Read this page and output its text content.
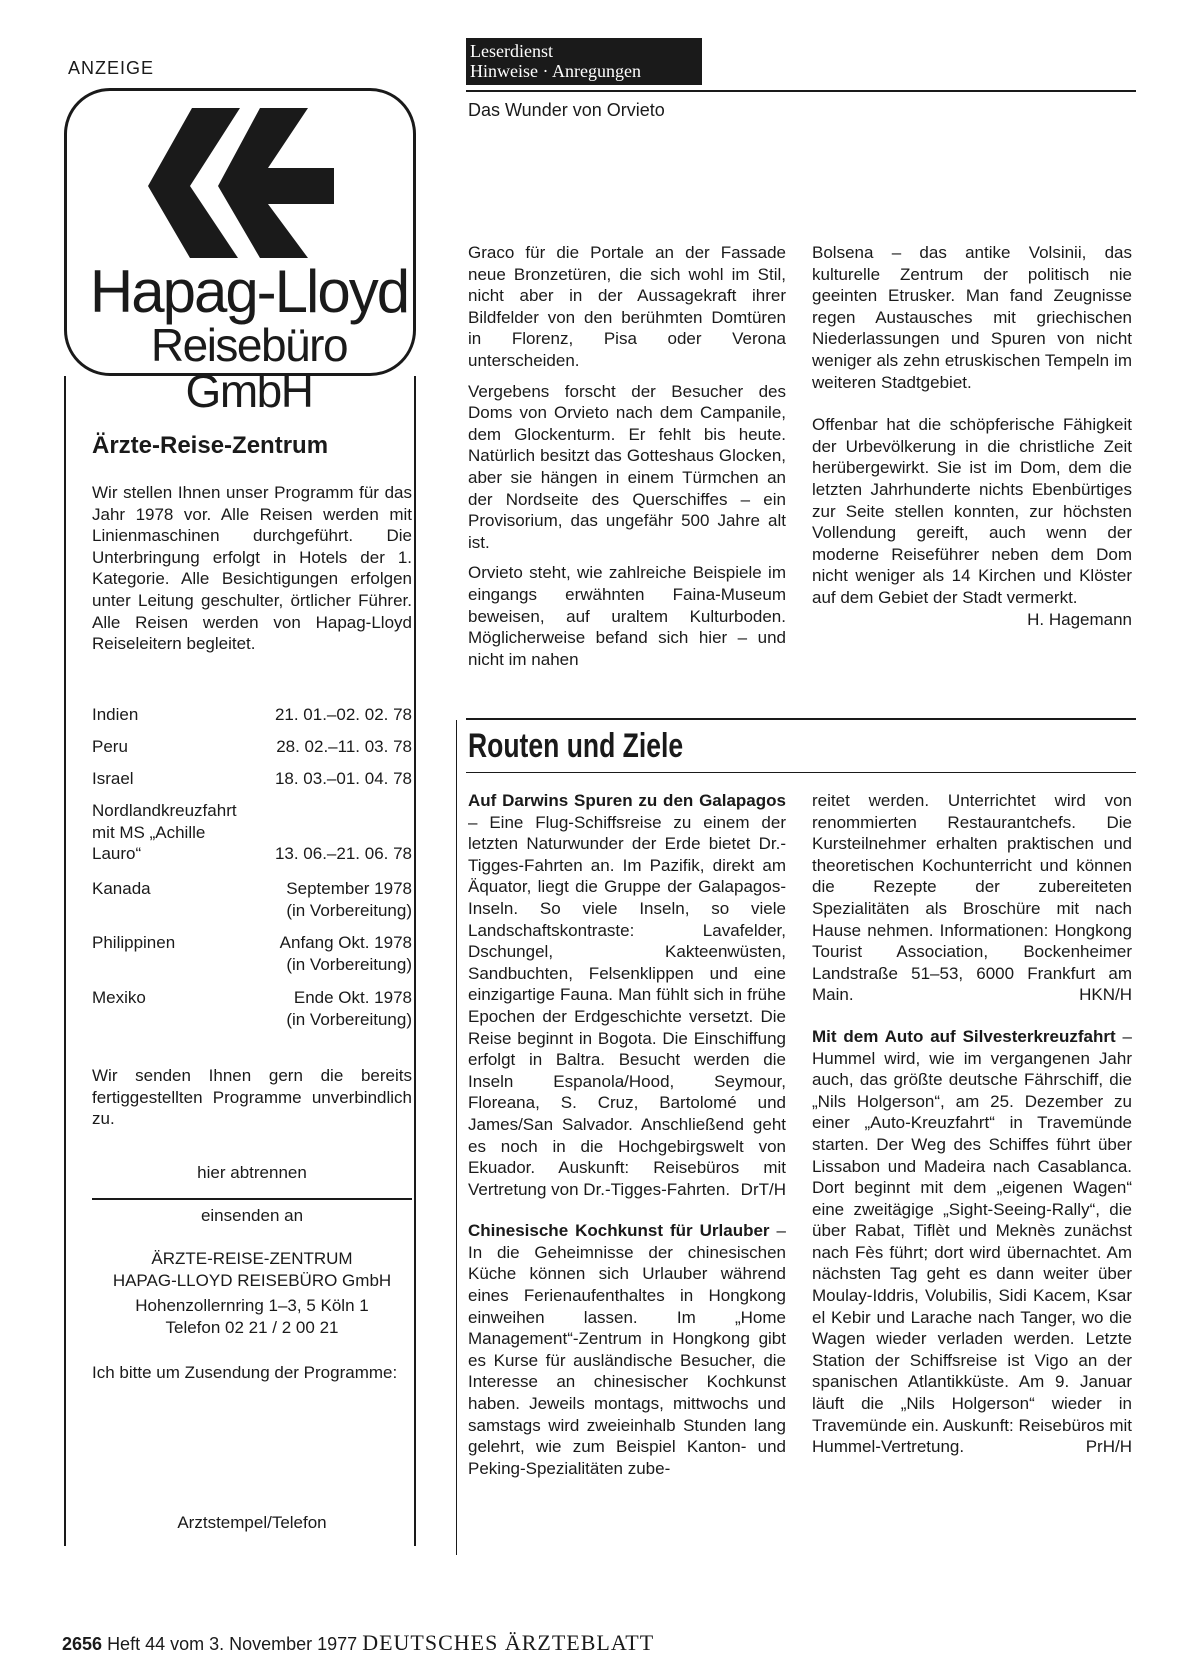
ANZEIGE
Hapag-Lloyd
Reisebüro GmbH
Ärzte-Reise-Zentrum
Wir stellen Ihnen unser Programm für das Jahr 1978 vor. Alle Reisen werden mit Linienmaschinen durchgeführt. Die Unterbringung erfolgt in Hotels der 1. Kategorie. Alle Besichtigungen erfolgen unter Leitung geschulter, örtlicher Führer. Alle Reisen werden von Hapag-Lloyd Reiseleitern begleitet.
Indien	21. 01.–02. 02. 78
Peru	28. 02.–11. 03. 78
Israel	18. 03.–01. 04. 78
Nordlandkreuzfahrt
mit MS „Achille
Lauro“	13. 06.–21. 06. 78
Kanada	September 1978
(in Vorbereitung)
Philippinen	Anfang Okt. 1978
(in Vorbereitung)
Mexiko	Ende Okt. 1978
(in Vorbereitung)
Wir senden Ihnen gern die bereits fertiggestellten Programme unverbindlich zu.
hier abtrennen
einsenden an
ÄRZTE-REISE-ZENTRUM
HAPAG-LLOYD REISEBÜRO GmbH
Hohenzollernring 1–3, 5 Köln 1
Telefon 02 21 / 2 00 21
Ich bitte um Zusendung der Programme:
Arztstempel/Telefon
Leserdienst
Hinweise · Anregungen
Das Wunder von Orvieto

Graco für die Portale an der Fassade neue Bronzetüren, die sich wohl im Stil, nicht aber in der Aussagekraft ihrer Bildfelder von den berühmten Domtüren in Florenz, Pisa oder Verona unterscheiden.

Vergebens forscht der Besucher des Doms von Orvieto nach dem Campanile, dem Glockenturm. Er fehlt bis heute. Natürlich besitzt das Gotteshaus Glocken, aber sie hängen in einem Türmchen an der Nordseite des Querschiffes – ein Provisorium, das ungefähr 500 Jahre alt ist.

Orvieto steht, wie zahlreiche Beispiele im eingangs erwähnten Faina-Museum beweisen, auf uraltem Kulturboden. Möglicherweise befand sich hier – und nicht im nahen

Bolsena – das antike Volsinii, das kulturelle Zentrum der politisch nie geeinten Etrusker. Man fand Zeugnisse regen Austausches mit griechischen Niederlassungen und Spuren von nicht weniger als zehn etruskischen Tempeln im weiteren Stadtgebiet.

Offenbar hat die schöpferische Fähigkeit der Urbevölkerung in die christliche Zeit herübergewirkt. Sie ist im Dom, dem die letzten Jahrhunderte nichts Ebenbürtiges zur Seite stellen konnten, zur höchsten Vollendung gereift, auch wenn der moderne Reiseführer neben dem Dom nicht weniger als 14 Kirchen und Klöster auf dem Gebiet der Stadt vermerkt.
H. Hagemann

Routen und Ziele

Auf Darwins Spuren zu den Galapagos – Eine Flug-Schiffsreise zu einem der letzten Naturwunder der Erde bietet Dr.-Tigges-Fahrten an. Im Pazifik, direkt am Äquator, liegt die Gruppe der Galapagos-Inseln. So viele Inseln, so viele Landschaftskontraste: Lavafelder, Dschungel, Kakteenwüsten, Sandbuchten, Felsenklippen und eine einzigartige Fauna. Man fühlt sich in frühe Epochen der Erdgeschichte versetzt. Die Reise beginnt in Bogota. Die Einschiffung erfolgt in Baltra. Besucht werden die Inseln Espanola/Hood, Seymour, Floreana, S. Cruz, Bartolomé und James/San Salvador. Anschließend geht es noch in die Hochgebirgswelt von Ekuador. Auskunft: Reisebüros mit Vertretung von Dr.-Tigges-Fahrten. DrT/H

Chinesische Kochkunst für Urlauber – In die Geheimnisse der chinesischen Küche können sich Urlauber während eines Ferienaufenthaltes in Hongkong einweihen lassen. Im „Home Management“-Zentrum in Hongkong gibt es Kurse für ausländische Besucher, die Interesse an chinesischer Kochkunst haben. Jeweils montags, mittwochs und samstags wird zweieinhalb Stunden lang gelehrt, wie zum Beispiel Kanton- und Peking-Spezialitäten zube-

reitet werden. Unterrichtet wird von renommierten Restaurantchefs. Die Kursteilnehmer erhalten praktischen und theoretischen Kochunterricht und können die Rezepte der zubereiteten Spezialitäten als Broschüre mit nach Hause nehmen. Informationen: Hongkong Tourist Association, Bockenheimer Landstraße 51–53, 6000 Frankfurt am Main.	HKN/H

Mit dem Auto auf Silvesterkreuzfahrt – Hummel wird, wie im vergangenen Jahr auch, das größte deutsche Fährschiff, die „Nils Holgerson“, am 25. Dezember zu einer „Auto-Kreuzfahrt“ in Travemünde starten. Der Weg des Schiffes führt über Lissabon und Madeira nach Casablanca. Dort beginnt mit dem „eigenen Wagen“ eine zweitägige „Sight-Seeing-Rally“, die über Rabat, Tiflèt und Meknès zunächst nach Fès führt; dort wird übernachtet. Am nächsten Tag geht es dann weiter über Moulay-Iddris, Volubilis, Sidi Kacem, Ksar el Kebir und Larache nach Tanger, wo die Wagen wieder verladen werden. Letzte Station der Schiffsreise ist Vigo an der spanischen Atlantikküste. Am 9. Januar läuft die „Nils Holgerson“ wieder in Travemünde ein. Auskunft: Reisebüros mit Hummel-Vertretung.	PrH/H

2656 Heft 44 vom 3. November 1977 DEUTSCHES ÄRZTEBLATT
